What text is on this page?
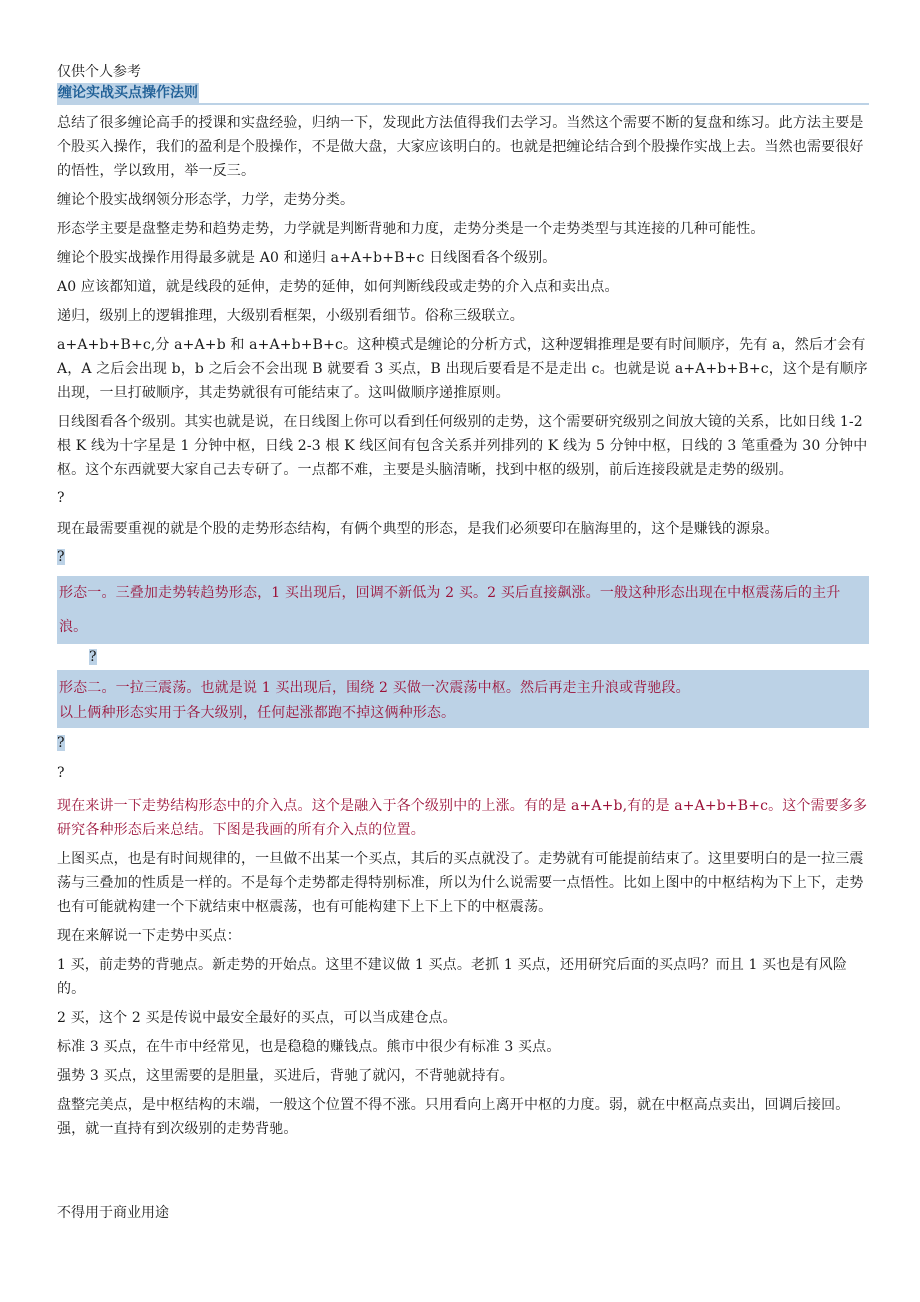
仅供个人参考
缠论实战买点操作法则
总结了很多缠论高手的授课和实盘经验，归纳一下，发现此方法值得我们去学习。当然这个需要不断的复盘和练习。此方法主要是个股买入操作，我们的盈利是个股操作，不是做大盘，大家应该明白的。也就是把缠论结合到个股操作实战上去。当然也需要很好的悟性，学以致用，举一反三。
缠论个股实战纲领分形态学，力学，走势分类。
形态学主要是盘整走势和趋势走势，力学就是判断背驰和力度，走势分类是一个走势类型与其连接的几种可能性。
缠论个股实战操作用得最多就是 A0 和递归 a+A+b+B+c 日线图看各个级别。
A0 应该都知道，就是线段的延伸，走势的延伸，如何判断线段或走势的介入点和卖出点。
递归，级别上的逻辑推理，大级别看框架，小级别看细节。俗称三级联立。
a+A+b+B+c,分 a+A+b 和 a+A+b+B+c。这种模式是缠论的分析方式，这种逻辑推理是要有时间顺序，先有 a，然后才会有 A，A 之后会出现 b，b 之后会不会出现 B 就要看 3 买点，B 出现后要看是不是走出 c。也就是说 a+A+b+B+c，这个是有顺序出现，一旦打破顺序，其走势就很有可能结束了。这叫做顺序递推原则。
日线图看各个级别。其实也就是说，在日线图上你可以看到任何级别的走势，这个需要研究级别之间放大镜的关系，比如日线 1-2 根 K 线为十字星是 1 分钟中枢，日线 2-3 根 K 线区间有包含关系并列排列的 K 线为 5 分钟中枢，日线的 3 笔重叠为 30 分钟中枢。这个东西就要大家自己去专研了。一点都不难，主要是头脑清晰，找到中枢的级别，前后连接段就是走势的级别。
?
现在最需要重视的就是个股的走势形态结构，有俩个典型的形态，是我们必须要印在脑海里的，这个是赚钱的源泉。
?
形态一。三叠加走势转趋势形态，1 买出现后，回调不新低为 2 买。2 买后直接飙涨。一般这种形态出现在中枢震荡后的主升浪。
?
形态二。一拉三震荡。也就是说 1 买出现后，围绕 2 买做一次震荡中枢。然后再走主升浪或背驰段。
以上俩种形态实用于各大级别，任何起涨都跑不掉这俩种形态。
?
?
现在来讲一下走势结构形态中的介入点。这个是融入于各个级别中的上涨。有的是 a+A+b,有的是 a+A+b+B+c。这个需要多多研究各种形态后来总结。下图是我画的所有介入点的位置。
上图买点，也是有时间规律的，一旦做不出某一个买点，其后的买点就没了。走势就有可能提前结束了。这里要明白的是一拉三震荡与三叠加的性质是一样的。不是每个走势都走得特别标准，所以为什么说需要一点悟性。比如上图中的中枢结构为下上下，走势也有可能就构建一个下就结束中枢震荡，也有可能构建下上下上下的中枢震荡。
现在来解说一下走势中买点：
1 买，前走势的背驰点。新走势的开始点。这里不建议做 1 买点。老抓 1 买点，还用研究后面的买点吗？而且 1 买也是有风险的。
2 买，这个 2 买是传说中最安全最好的买点，可以当成建仓点。
标准 3 买点，在牛市中经常见，也是稳稳的赚钱点。熊市中很少有标准 3 买点。
强势 3 买点，这里需要的是胆量，买进后，背驰了就闪，不背驰就持有。
盘整完美点，是中枢结构的末端，一般这个位置不得不涨。只用看向上离开中枢的力度。弱，就在中枢高点卖出，回调后接回。强，就一直持有到次级别的走势背驰。
不得用于商业用途
